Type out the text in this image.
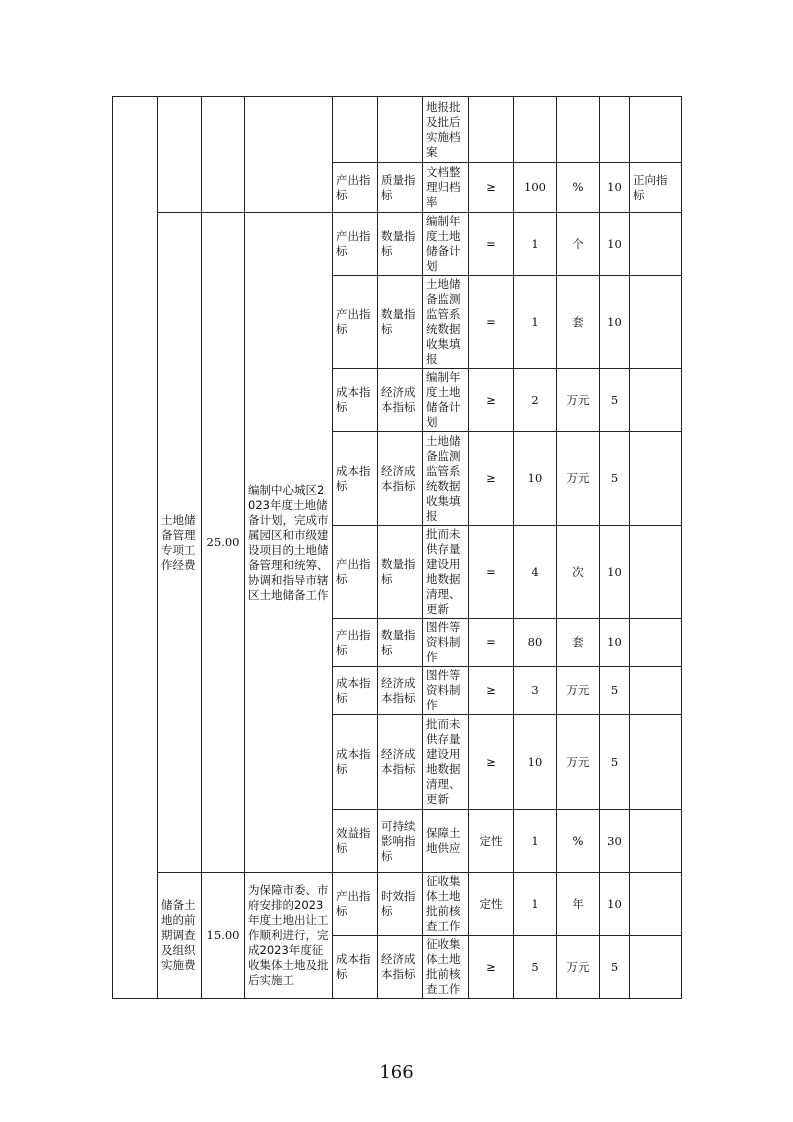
						地报批及批后实施档案					
				产出指标	质量指标	文档整理归档率	≥	100	%	10	正向指标
	土地储备管理专项工作经费	25.00	编制中心城区2023年度土地储备计划，完成市属园区和市级建设项目的土地储备管理和统筹、协调和指导市辖区土地储备工作	产出指标	数量指标	编制年度土地储备计划	=	1	个	10	
				产出指标	数量指标	土地储备监测监管系统数据收集填报	=	1	套	10	
				成本指标	经济成本指标	编制年度土地储备计划	≥	2	万元	5	
				成本指标	经济成本指标	土地储备监测监管系统数据收集填报	≥	10	万元	5	
				产出指标	数量指标	批而未供存量建设用地数据清理、更新	=	4	次	10	
				产出指标	数量指标	图件等资料制作	=	80	套	10	
				成本指标	经济成本指标	图件等资料制作	≥	3	万元	5	
				成本指标	经济成本指标	批而未供存量建设用地数据清理、更新	≥	10	万元	5	
				效益指标	可持续影响指标	保障土地供应	定性	1	%	30	
	储备土地的前期调查及组织实施费	15.00	为保障市委、市府安排的2023年度土地出让工作顺利进行，完成2023年度征收集体土地及批后实施工	产出指标	时效指标	征收集体土地批前核查工作	定性	1	年	10	
				成本指标	经济成本指标	征收集体土地批前核查工作	≥	5	万元	5	
166
